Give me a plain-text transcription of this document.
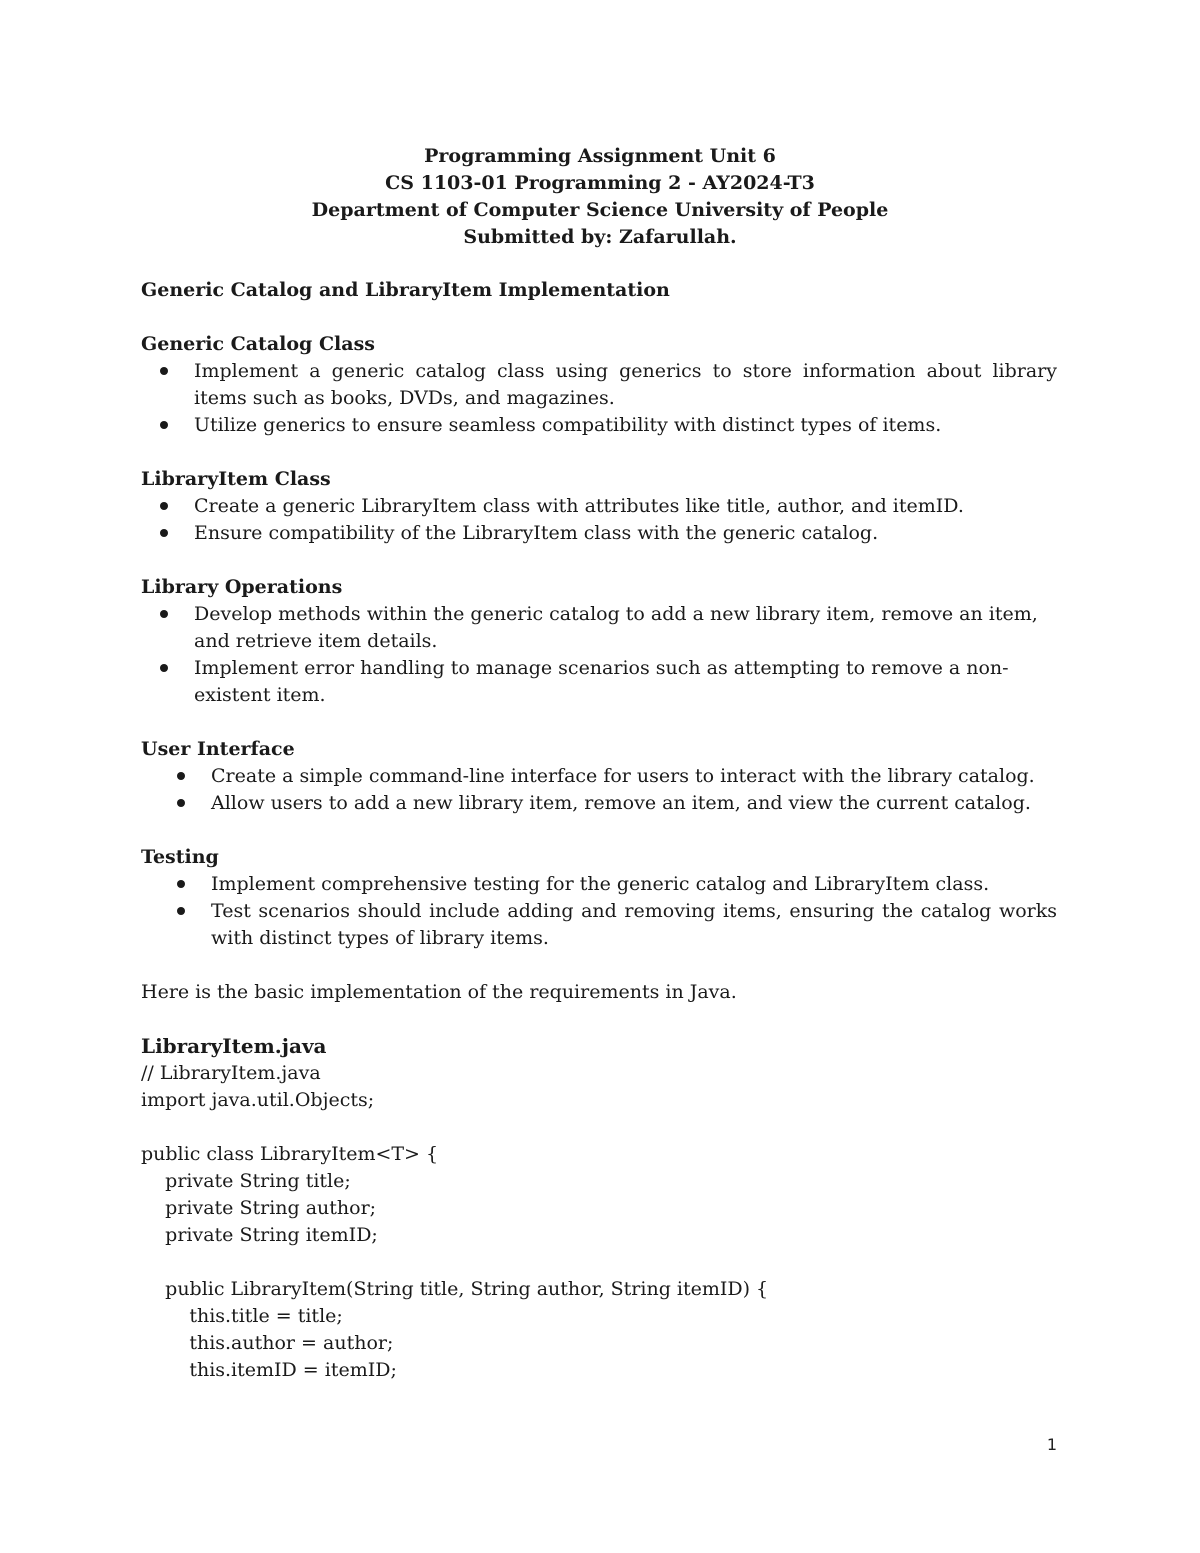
Programming Assignment Unit 6
CS 1103-01 Programming 2 - AY2024-T3
Department of Computer Science University of People
Submitted by: Zafarullah.
Generic Catalog and LibraryItem Implementation
Generic Catalog Class
Implement a generic catalog class using generics to store information about library items such as books, DVDs, and magazines.
Utilize generics to ensure seamless compatibility with distinct types of items.
LibraryItem Class
Create a generic LibraryItem class with attributes like title, author, and itemID.
Ensure compatibility of the LibraryItem class with the generic catalog.
Library Operations
Develop methods within the generic catalog to add a new library item, remove an item, and retrieve item details.
Implement error handling to manage scenarios such as attempting to remove a non-existent item.
User Interface
Create a simple command-line interface for users to interact with the library catalog.
Allow users to add a new library item, remove an item, and view the current catalog.
Testing
Implement comprehensive testing for the generic catalog and LibraryItem class.
Test scenarios should include adding and removing items, ensuring the catalog works with distinct types of library items.
Here is the basic implementation of the requirements in Java.
LibraryItem.java
// LibraryItem.java
import java.util.Objects;

public class LibraryItem<T> {
private String title;
private String author;
private String itemID;

public LibraryItem(String title, String author, String itemID) {
this.title = title;
this.author = author;
this.itemID = itemID;
1
